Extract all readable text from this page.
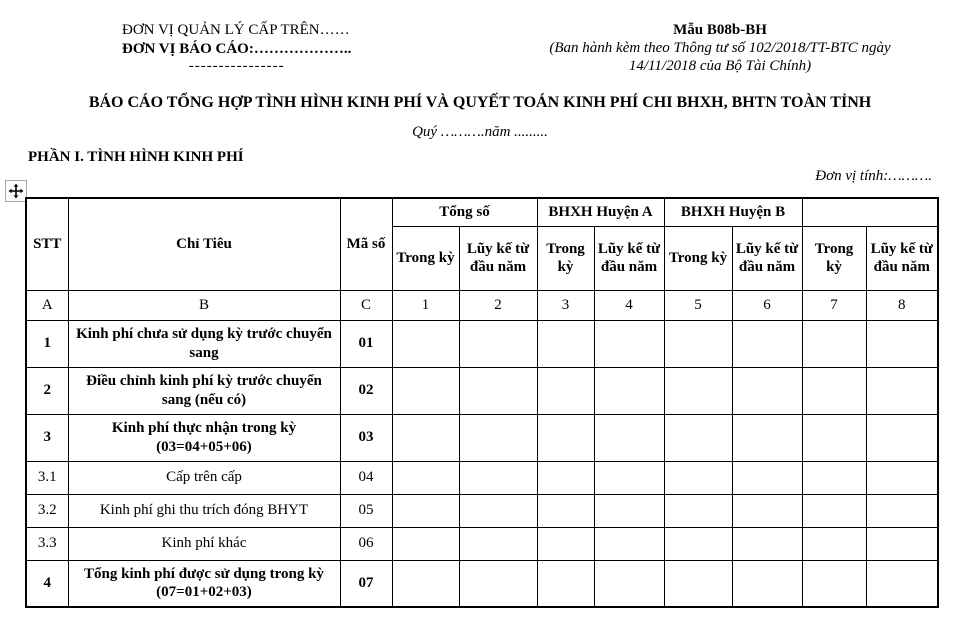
ĐƠN VỊ QUẢN LÝ CẤP TRÊN……
ĐƠN VỊ BÁO CÁO:………………..
----------------
Mẫu B08b-BH
(Ban hành kèm theo Thông tư số 102/2018/TT-BTC ngày
14/11/2018 của Bộ Tài Chính)
BÁO CÁO TỔNG HỢP TÌNH HÌNH KINH PHÍ VÀ QUYẾT TOÁN KINH PHÍ CHI BHXH, BHTN TOÀN TỈNH
Quý ……….năm .........
PHẦN I. TÌNH HÌNH KINH PHÍ
Đơn vị tính:……….
STT	Chỉ Tiêu	Mã số	Tổng số		BHXH Huyện A		BHXH Huyện B			
			Trong kỳ	Lũy kế từ đầu năm	Trong kỳ	Lũy kế từ đầu năm	Trong kỳ	Lũy kế từ đầu năm	Trong kỳ	Lũy kế từ đầu năm
A	B	C	1	2	3	4	5	6	7	8
1	Kinh phí chưa sử dụng kỳ trước chuyển sang	01								
2	Điều chỉnh kinh phí kỳ trước chuyển sang (nếu có)	02								
3	Kinh phí thực nhận trong kỳ (03=04+05+06)	03								
3.1	Cấp trên cấp	04								
3.2	Kinh phí ghi thu trích đóng BHYT	05								
3.3	Kinh phí khác	06								
4	Tổng kinh phí được sử dụng trong kỳ (07=01+02+03)	07								
